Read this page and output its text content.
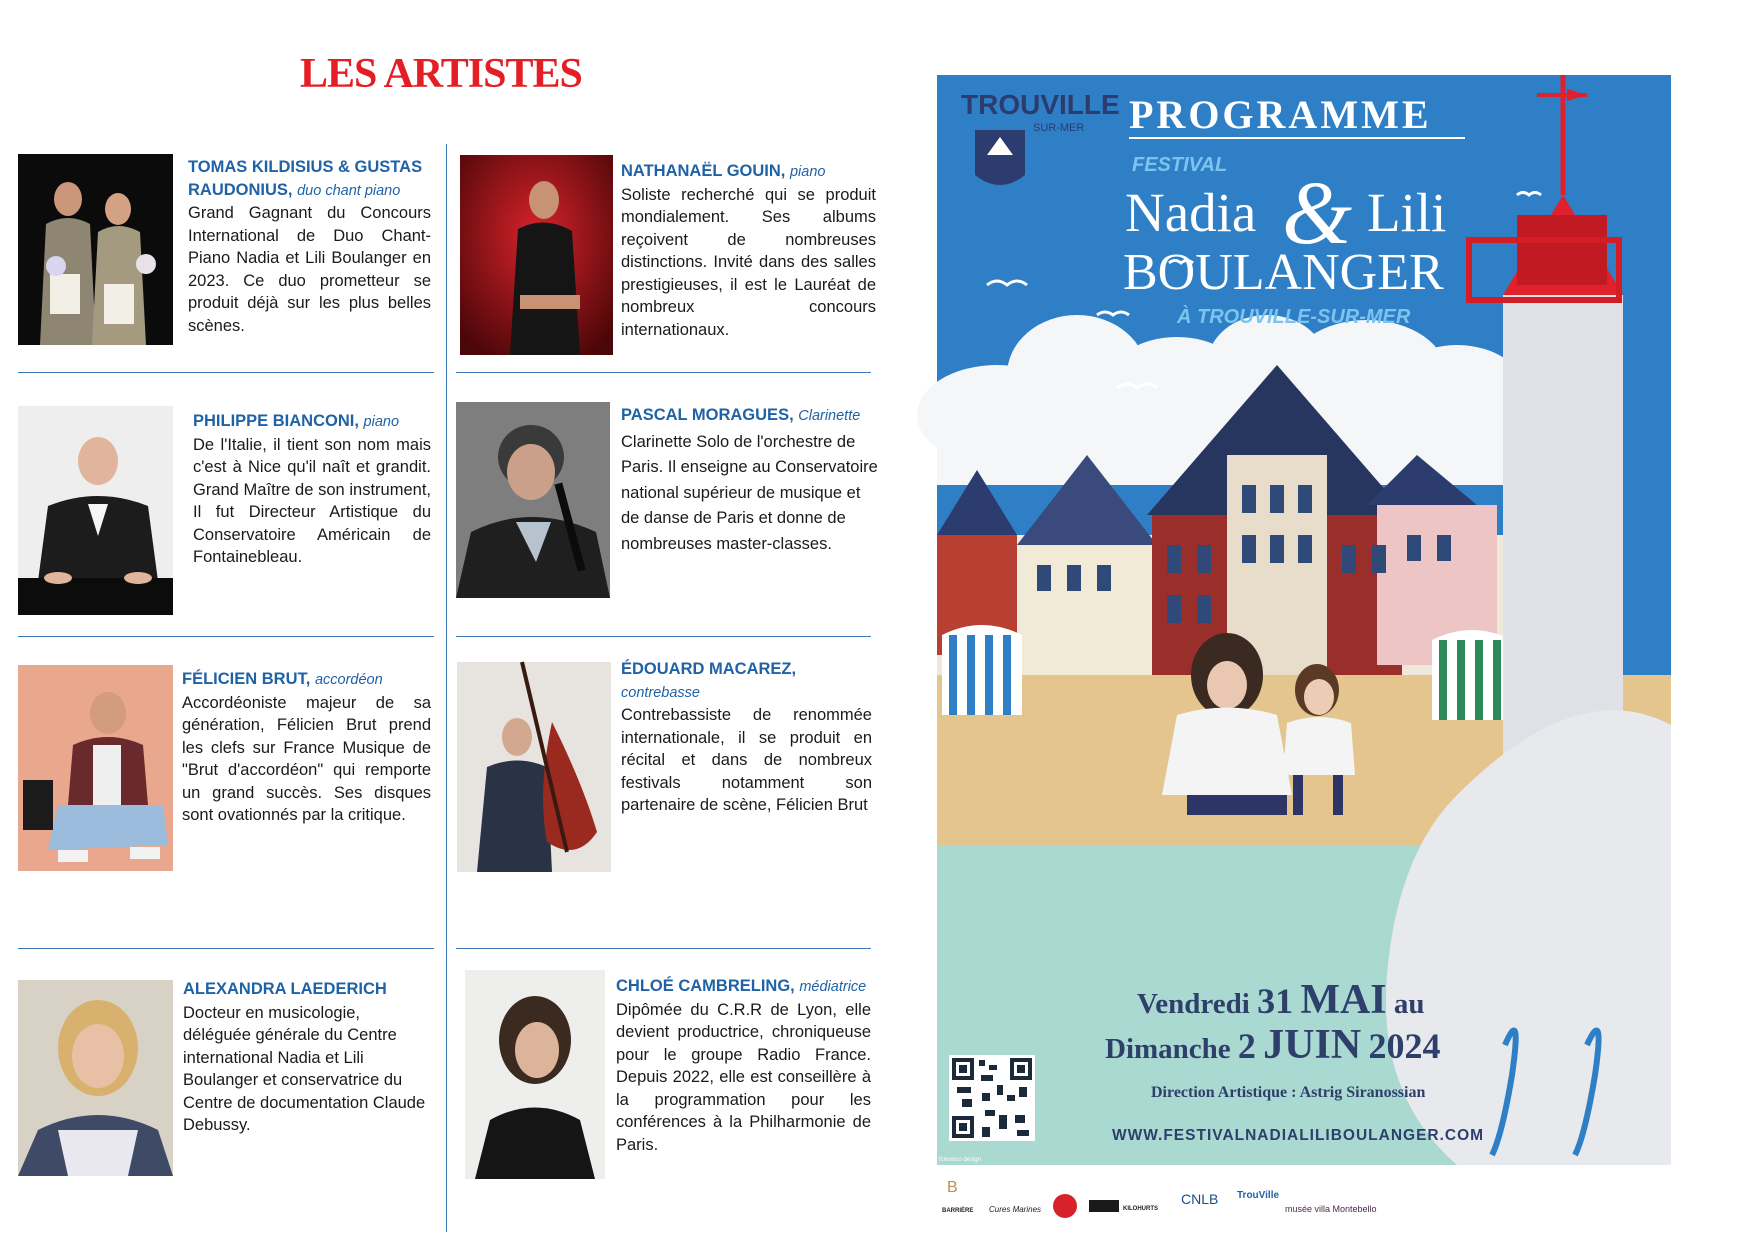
LES ARTISTES
TOMAS KILDISIUS & GUSTAS RAUDONIUS, duo chant piano
Grand Gagnant du Concours International de Duo Chant-Piano Nadia et Lili Boulanger en 2023. Ce duo prometteur se produit déjà sur les plus belles scènes.
NATHANAËL GOUIN, piano
Soliste recherché qui se produit mondialement. Ses albums reçoivent de nombreuses distinctions. Invité dans des salles prestigieuses, il est le Lauréat de nombreux concours internationaux.
PHILIPPE BIANCONI, piano
De l'Italie, il tient son nom mais c'est à Nice qu'il naît et grandit. Grand Maître de son instrument, Il fut Directeur Artistique du Conservatoire Américain de Fontainebleau.
PASCAL MORAGUES, Clarinette
Clarinette Solo de l'orchestre de Paris. Il enseigne au Conservatoire national supérieur de musique et de danse de Paris et donne de nombreuses master-classes.
FÉLICIEN BRUT, accordéon
Accordéoniste majeur de sa génération, Félicien Brut prend les clefs sur France Musique de "Brut d'accordéon" qui remporte un grand succès. Ses disques sont ovationnés par la critique.
ÉDOUARD MACAREZ, contrebasse
Contrebassiste de renommée internationale, il se produit en récital et dans de nombreux festivals notamment son partenaire de scène, Félicien Brut
ALEXANDRA LAEDERICH
Docteur en musicologie, déléguée générale du Centre international Nadia et Lili Boulanger et conservatrice du Centre de documentation Claude Debussy.
CHLOÉ CAMBRELING, médiatrice
Dipômée du C.R.R de Lyon, elle devient productrice, chroniqueuse pour le groupe Radio France. Depuis 2022, elle est conseillère à la programmation pour les conférences à la Philharmonie de Paris.
TROUVILLE
SUR-MER PROGRAMME
FESTIVAL
Nadia & Lili
BOULANGER
À TROUVILLE-SUR-MER
Vendredi 31 MAI au
Dimanche 2 JUIN 2024
Direction Artistique : Astrig Siranossian
WWW.FESTIVALNADIALILIBOULANGER.COM
fcmonco design
BARRIÈRE
B
Cures Marines	KILOHURTS
CNLB TrouVille
musée villa Montebello
